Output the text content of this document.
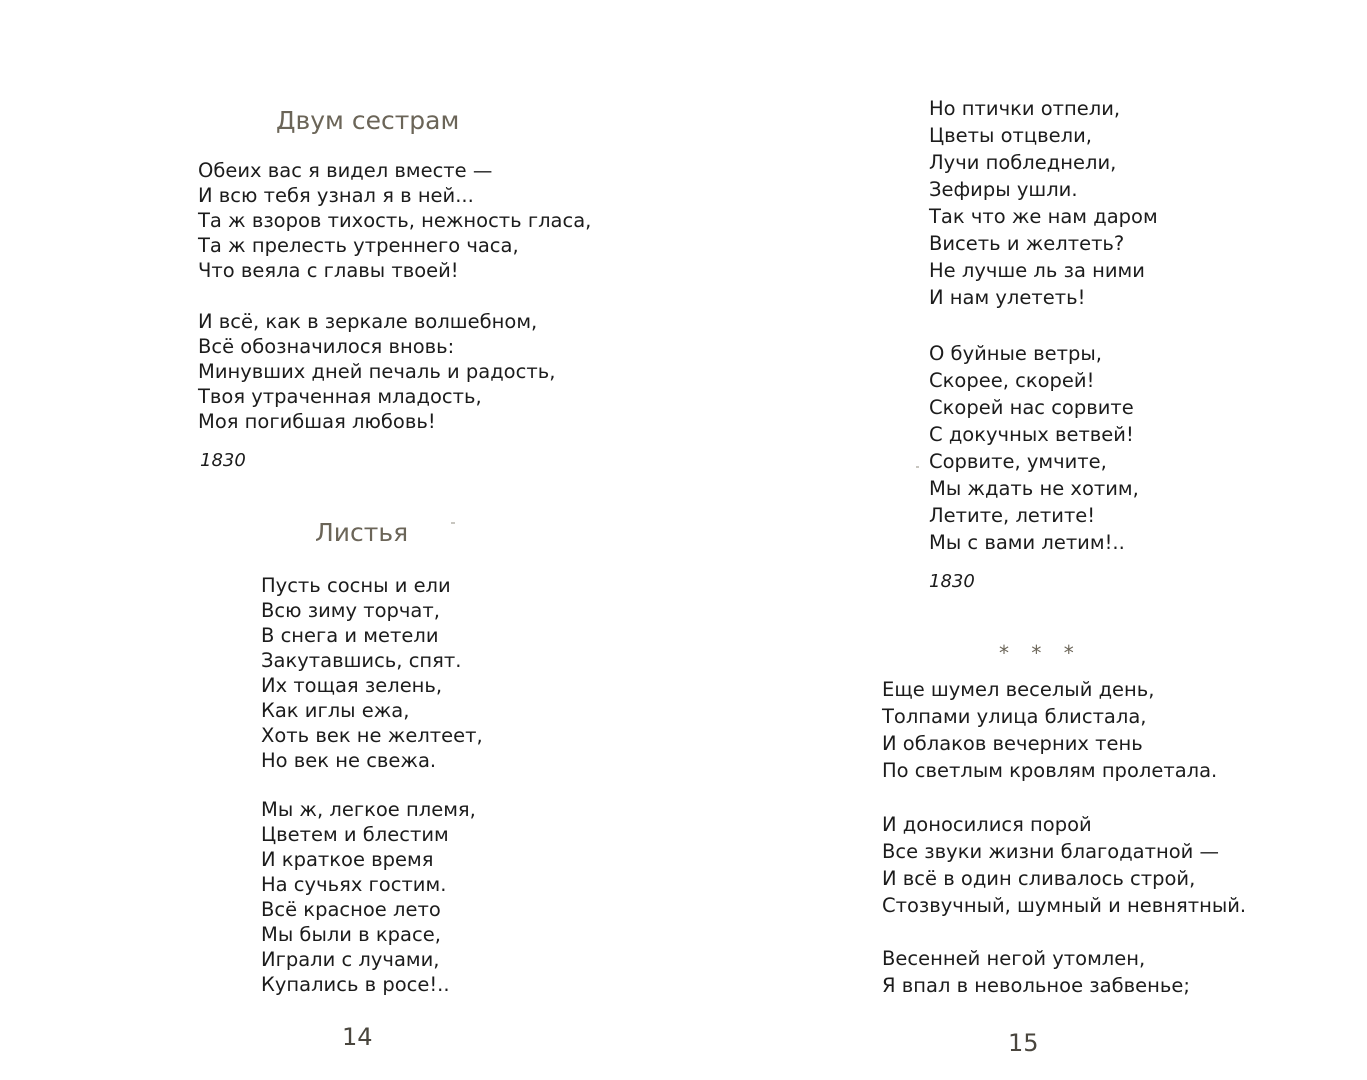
Двум сестрам
Обеих вас я видел вместе —
И всю тебя узнал я в ней...
Та ж взоров тихость, нежность гласа,
Та ж прелесть утреннего часа,
Что веяла с главы твоей!
И всё, как в зеркале волшебном,
Всё обозначилося вновь:
Минувших дней печаль и радость,
Твоя утраченная младость,
Моя погибшая любовь!
1830
Листья
Пусть сосны и ели
Всю зиму торчат,
В снега и метели
Закутавшись, спят.
Их тощая зелень,
Как иглы ежа,
Хоть век не желтеет,
Но век не свежа.
Мы ж, легкое племя,
Цветем и блестим
И краткое время
На сучьях гостим.
Всё красное лето
Мы были в красе,
Играли с лучами,
Купались в росе!..
14
Но птички отпели,
Цветы отцвели,
Лучи побледнели,
Зефиры ушли.
Так что же нам даром
Висеть и желтеть?
Не лучше ль за ними
И нам улететь!
О буйные ветры,
Скорее, скорей!
Скорей нас сорвите
С докучных ветвей!
Сорвите, умчите,
Мы ждать не хотим,
Летите, летите!
Мы с вами летим!..
1830
* * *
Еще шумел веселый день,
Толпами улица блистала,
И облаков вечерних тень
По светлым кровлям пролетала.
И доносилися порой
Все звуки жизни благодатной —
И всё в один сливалось строй,
Стозвучный, шумный и невнятный.
Весенней негой утомлен,
Я впал в невольное забвенье;
15
